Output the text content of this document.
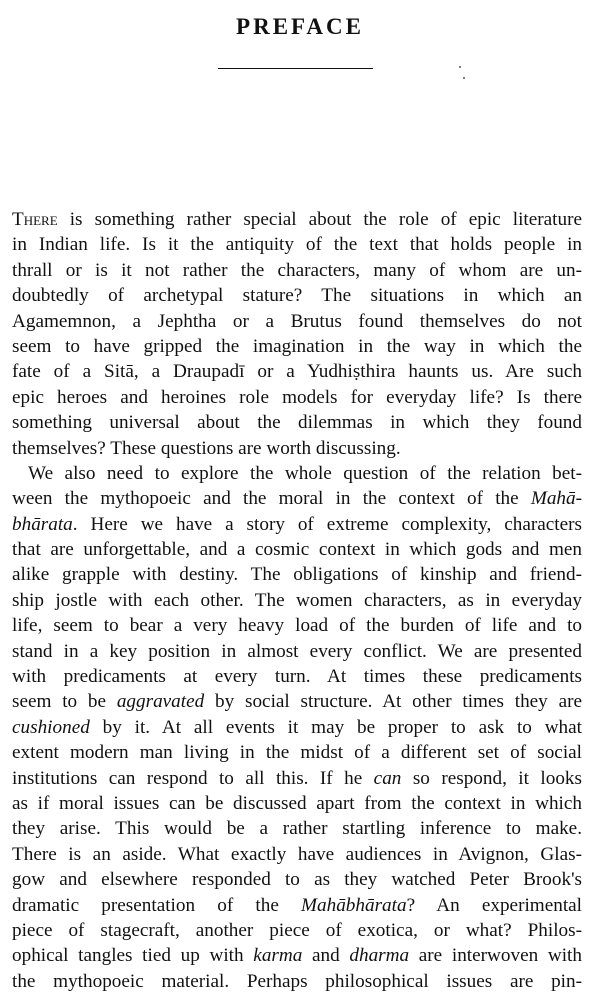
PREFACE
There is something rather special about the role of epic literature
in Indian life. Is it the antiquity of the text that holds people in
thrall or is it not rather the characters, many of whom are un-
doubtedly of archetypal stature? The situations in which an
Agamemnon, a Jephtha or a Brutus found themselves do not
seem to have gripped the imagination in the way in which the
fate of a Sitā, a Draupadī or a Yudhiṣthira haunts us. Are such
epic heroes and heroines role models for everyday life? Is there
something universal about the dilemmas in which they found
themselves? These questions are worth discussing.
We also need to explore the whole question of the relation bet-
ween the mythopoeic and the moral in the context of the Mahā-
bhārata. Here we have a story of extreme complexity, characters
that are unforgettable, and a cosmic context in which gods and men
alike grapple with destiny. The obligations of kinship and friend-
ship jostle with each other. The women characters, as in everyday
life, seem to bear a very heavy load of the burden of life and to
stand in a key position in almost every conflict. We are presented
with predicaments at every turn. At times these predicaments
seem to be aggravated by social structure. At other times they are
cushioned by it. At all events it may be proper to ask to what
extent modern man living in the midst of a different set of social
institutions can respond to all this. If he can so respond, it looks
as if moral issues can be discussed apart from the context in which
they arise. This would be a rather startling inference to make.
There is an aside. What exactly have audiences in Avignon, Glas-
gow and elsewhere responded to as they watched Peter Brook's
dramatic presentation of the Mahābhārata? An experimental
piece of stagecraft, another piece of exotica, or what? Philos-
ophical tangles tied up with karma and dharma are interwoven with
the mythopoeic material. Perhaps philosophical issues are pin-
